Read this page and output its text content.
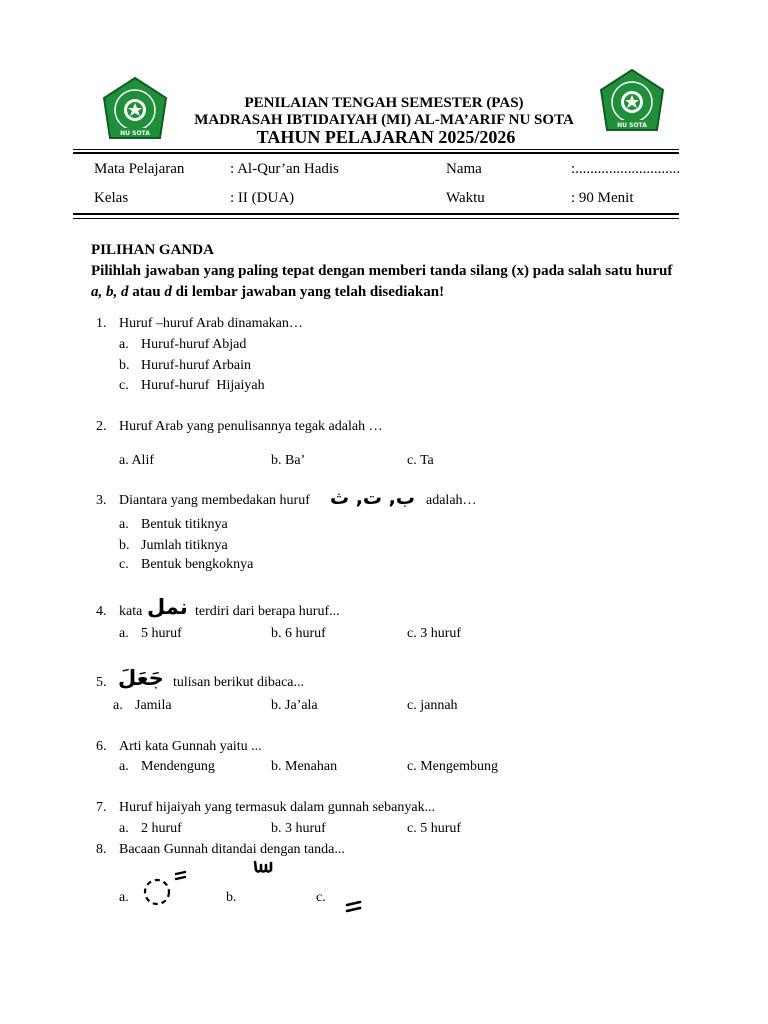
NU SOTA
NU SOTA
PENILAIAN TENGAH SEMESTER (PAS)
MADRASAH IBTIDAIYAH (MI) AL-MA’ARIF NU SOTA
TAHUN PELAJARAN 2025/2026
Mata Pelajaran	: Al-Qur’an Hadis	Nama	:............................
Kelas	: II (DUA)	Waktu	: 90 Menit
PILIHAN GANDA
Pilihlah jawaban yang paling tepat dengan memberi tanda silang (x) pada salah satu huruf
a, b, d atau d di lembar jawaban yang telah disediakan!
1. Huruf –huruf Arab dinamakan…
a. Huruf-huruf Abjad
b. Huruf-huruf Arbain
c. Huruf-huruf  Hijaiyah
2. Huruf Arab yang penulisannya tegak adalah …
a. Alif	b. Ba’	c. Ta
3. Diantara yang membedakan huruf ب, ت, ث adalah…
a. Bentuk titiknya
b. Jumlah titiknya
c. Bentuk bengkoknya
4. kata نمل terdiri dari berapa huruf...
a. 5 huruf	b. 6 huruf	c. 3 huruf
5. جَعَلَ tulisan berikut dibaca...
a. Jamila	b. Ja’ala	c. jannah
6. Arti kata Gunnah yaitu ...
a. Mendengung	b. Menahan	c. Mengembung
7. Huruf hijaiyah yang termasuk dalam gunnah sebanyak...
a. 2 huruf	b. 3 huruf	c. 5 huruf
8. Bacaan Gunnah ditandai dengan tanda...
a.	b.	c.
